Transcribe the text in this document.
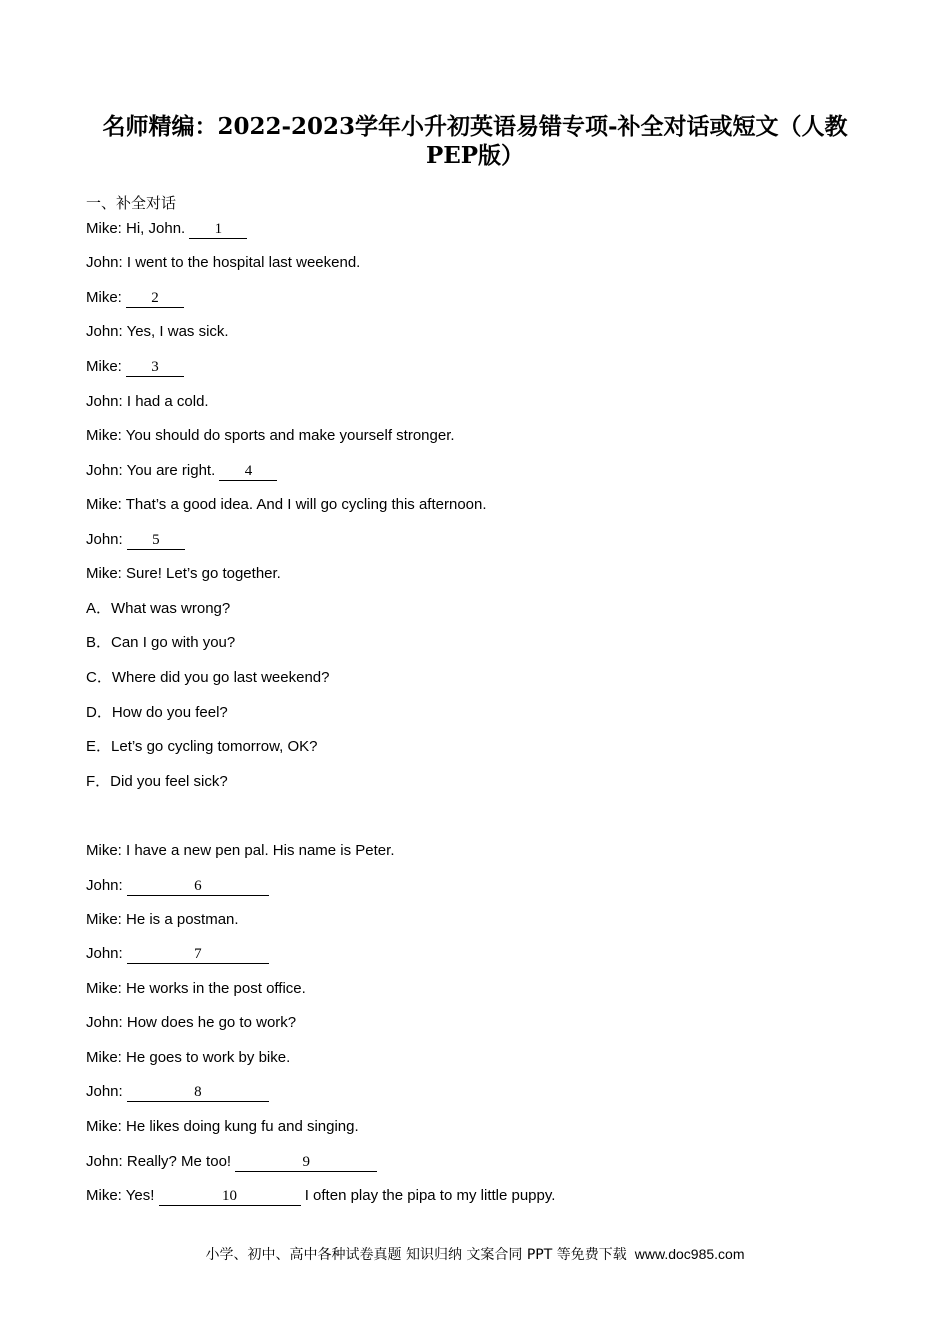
名师精编：2022-2023学年小升初英语易错专项-补全对话或短文（人教PEP版）
一、补全对话
Mike: Hi, John. 1
John: I went to the hospital last weekend.
Mike: 2
John: Yes, I was sick.
Mike: 3
John: I had a cold.
Mike: You should do sports and make yourself stronger.
John: You are right. 4
Mike: That’s a good idea. And I will go cycling this afternoon.
John: 5
Mike: Sure! Let’s go together.
A．What was wrong?
B．Can I go with you?
C．Where did you go last weekend?
D．How do you feel?
E．Let’s go cycling tomorrow, OK?
F．Did you feel sick?
Mike: I have a new pen pal. His name is Peter.
John:	6
Mike: He is a postman.
John:	7
Mike: He works in the post office.
John: How does he go to work?
Mike: He goes to work by bike.
John:	8
Mike: He likes doing kung fu and singing.
John: Really? Me too!	9
Mike: Yes!	10	I often play the pipa to my little puppy.
小学、初中、高中各种试卷真题 知识归纳 文案合同 PPT 等免费下载 www.doc985.com
